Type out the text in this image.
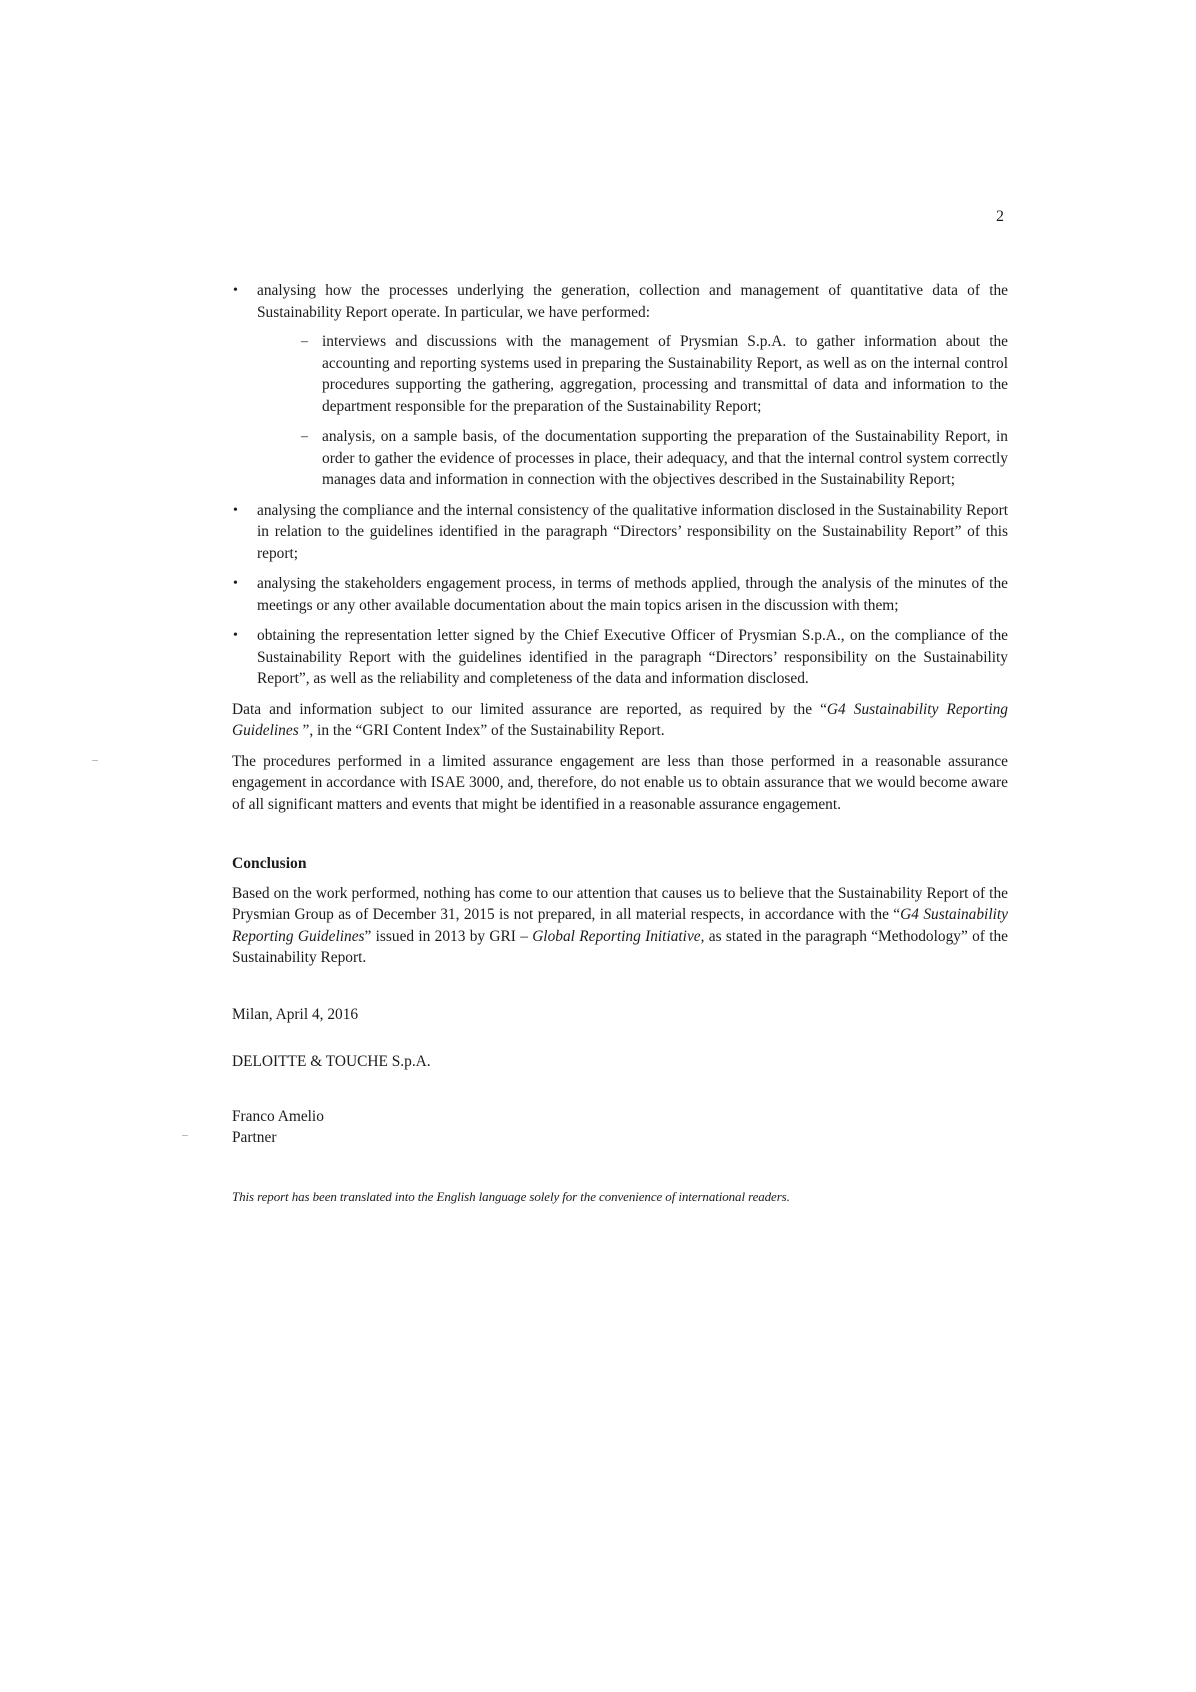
2
• analysing how the processes underlying the generation, collection and management of quantitative data of the Sustainability Report operate. In particular, we have performed:
– interviews and discussions with the management of Prysmian S.p.A. to gather information about the accounting and reporting systems used in preparing the Sustainability Report, as well as on the internal control procedures supporting the gathering, aggregation, processing and transmittal of data and information to the department responsible for the preparation of the Sustainability Report;
– analysis, on a sample basis, of the documentation supporting the preparation of the Sustainability Report, in order to gather the evidence of processes in place, their adequacy, and that the internal control system correctly manages data and information in connection with the objectives described in the Sustainability Report;
• analysing the compliance and the internal consistency of the qualitative information disclosed in the Sustainability Report in relation to the guidelines identified in the paragraph “Directors’ responsibility on the Sustainability Report” of this report;
• analysing the stakeholders engagement process, in terms of methods applied, through the analysis of the minutes of the meetings or any other available documentation about the main topics arisen in the discussion with them;
• obtaining the representation letter signed by the Chief Executive Officer of Prysmian S.p.A., on the compliance of the Sustainability Report with the guidelines identified in the paragraph “Directors’ responsibility on the Sustainability Report”, as well as the reliability and completeness of the data and information disclosed.

Data and information subject to our limited assurance are reported, as required by the “G4 Sustainability Reporting Guidelines ”, in the “GRI Content Index” of the Sustainability Report.

The procedures performed in a limited assurance engagement are less than those performed in a reasonable assurance engagement in accordance with ISAE 3000, and, therefore, do not enable us to obtain assurance that we would become aware of all significant matters and events that might be identified in a reasonable assurance engagement.

Conclusion

Based on the work performed, nothing has come to our attention that causes us to believe that the Sustainability Report of the Prysmian Group as of December 31, 2015 is not prepared, in all material respects, in accordance with the “G4 Sustainability Reporting Guidelines” issued in 2013 by GRI – Global Reporting Initiative, as stated in the paragraph “Methodology” of the Sustainability Report.

Milan, April 4, 2016

DELOITTE & TOUCHE S.p.A.

Franco Amelio

Partner

This report has been translated into the English language solely for the convenience of international readers.
